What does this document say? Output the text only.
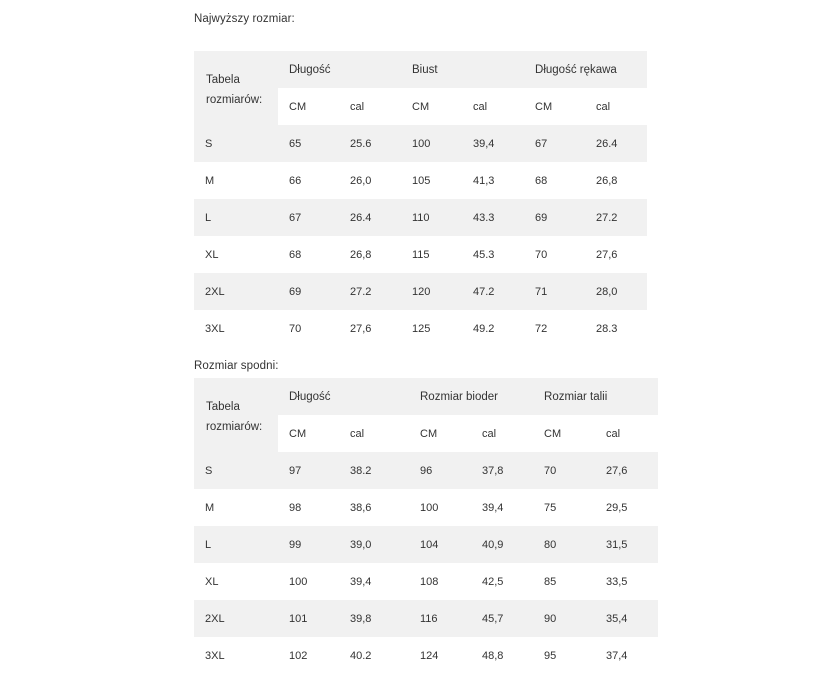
Najwyższy rozmiar:
Tabela
rozmiarów:	Długość		Biust		Długość rękawa	
	CM	cal	CM	cal	CM	cal
S	65	25.6	100	39,4	67	26.4
M	66	26,0	105	41,3	68	26,8
L	67	26.4	110	43.3	69	27.2
XL	68	26,8	115	45.3	70	27,6
2XL	69	27.2	120	47.2	71	28,0
3XL	70	27,6	125	49.2	72	28.3
Rozmiar spodni:
Tabela
rozmiarów:	Długość		Rozmiar bioder		Rozmiar talii	
	CM	cal	CM	cal	CM	cal
S	97	38.2	96	37,8	70	27,6
M	98	38,6	100	39,4	75	29,5
L	99	39,0	104	40,9	80	31,5
XL	100	39,4	108	42,5	85	33,5
2XL	101	39,8	116	45,7	90	35,4
3XL	102	40.2	124	48,8	95	37,4
